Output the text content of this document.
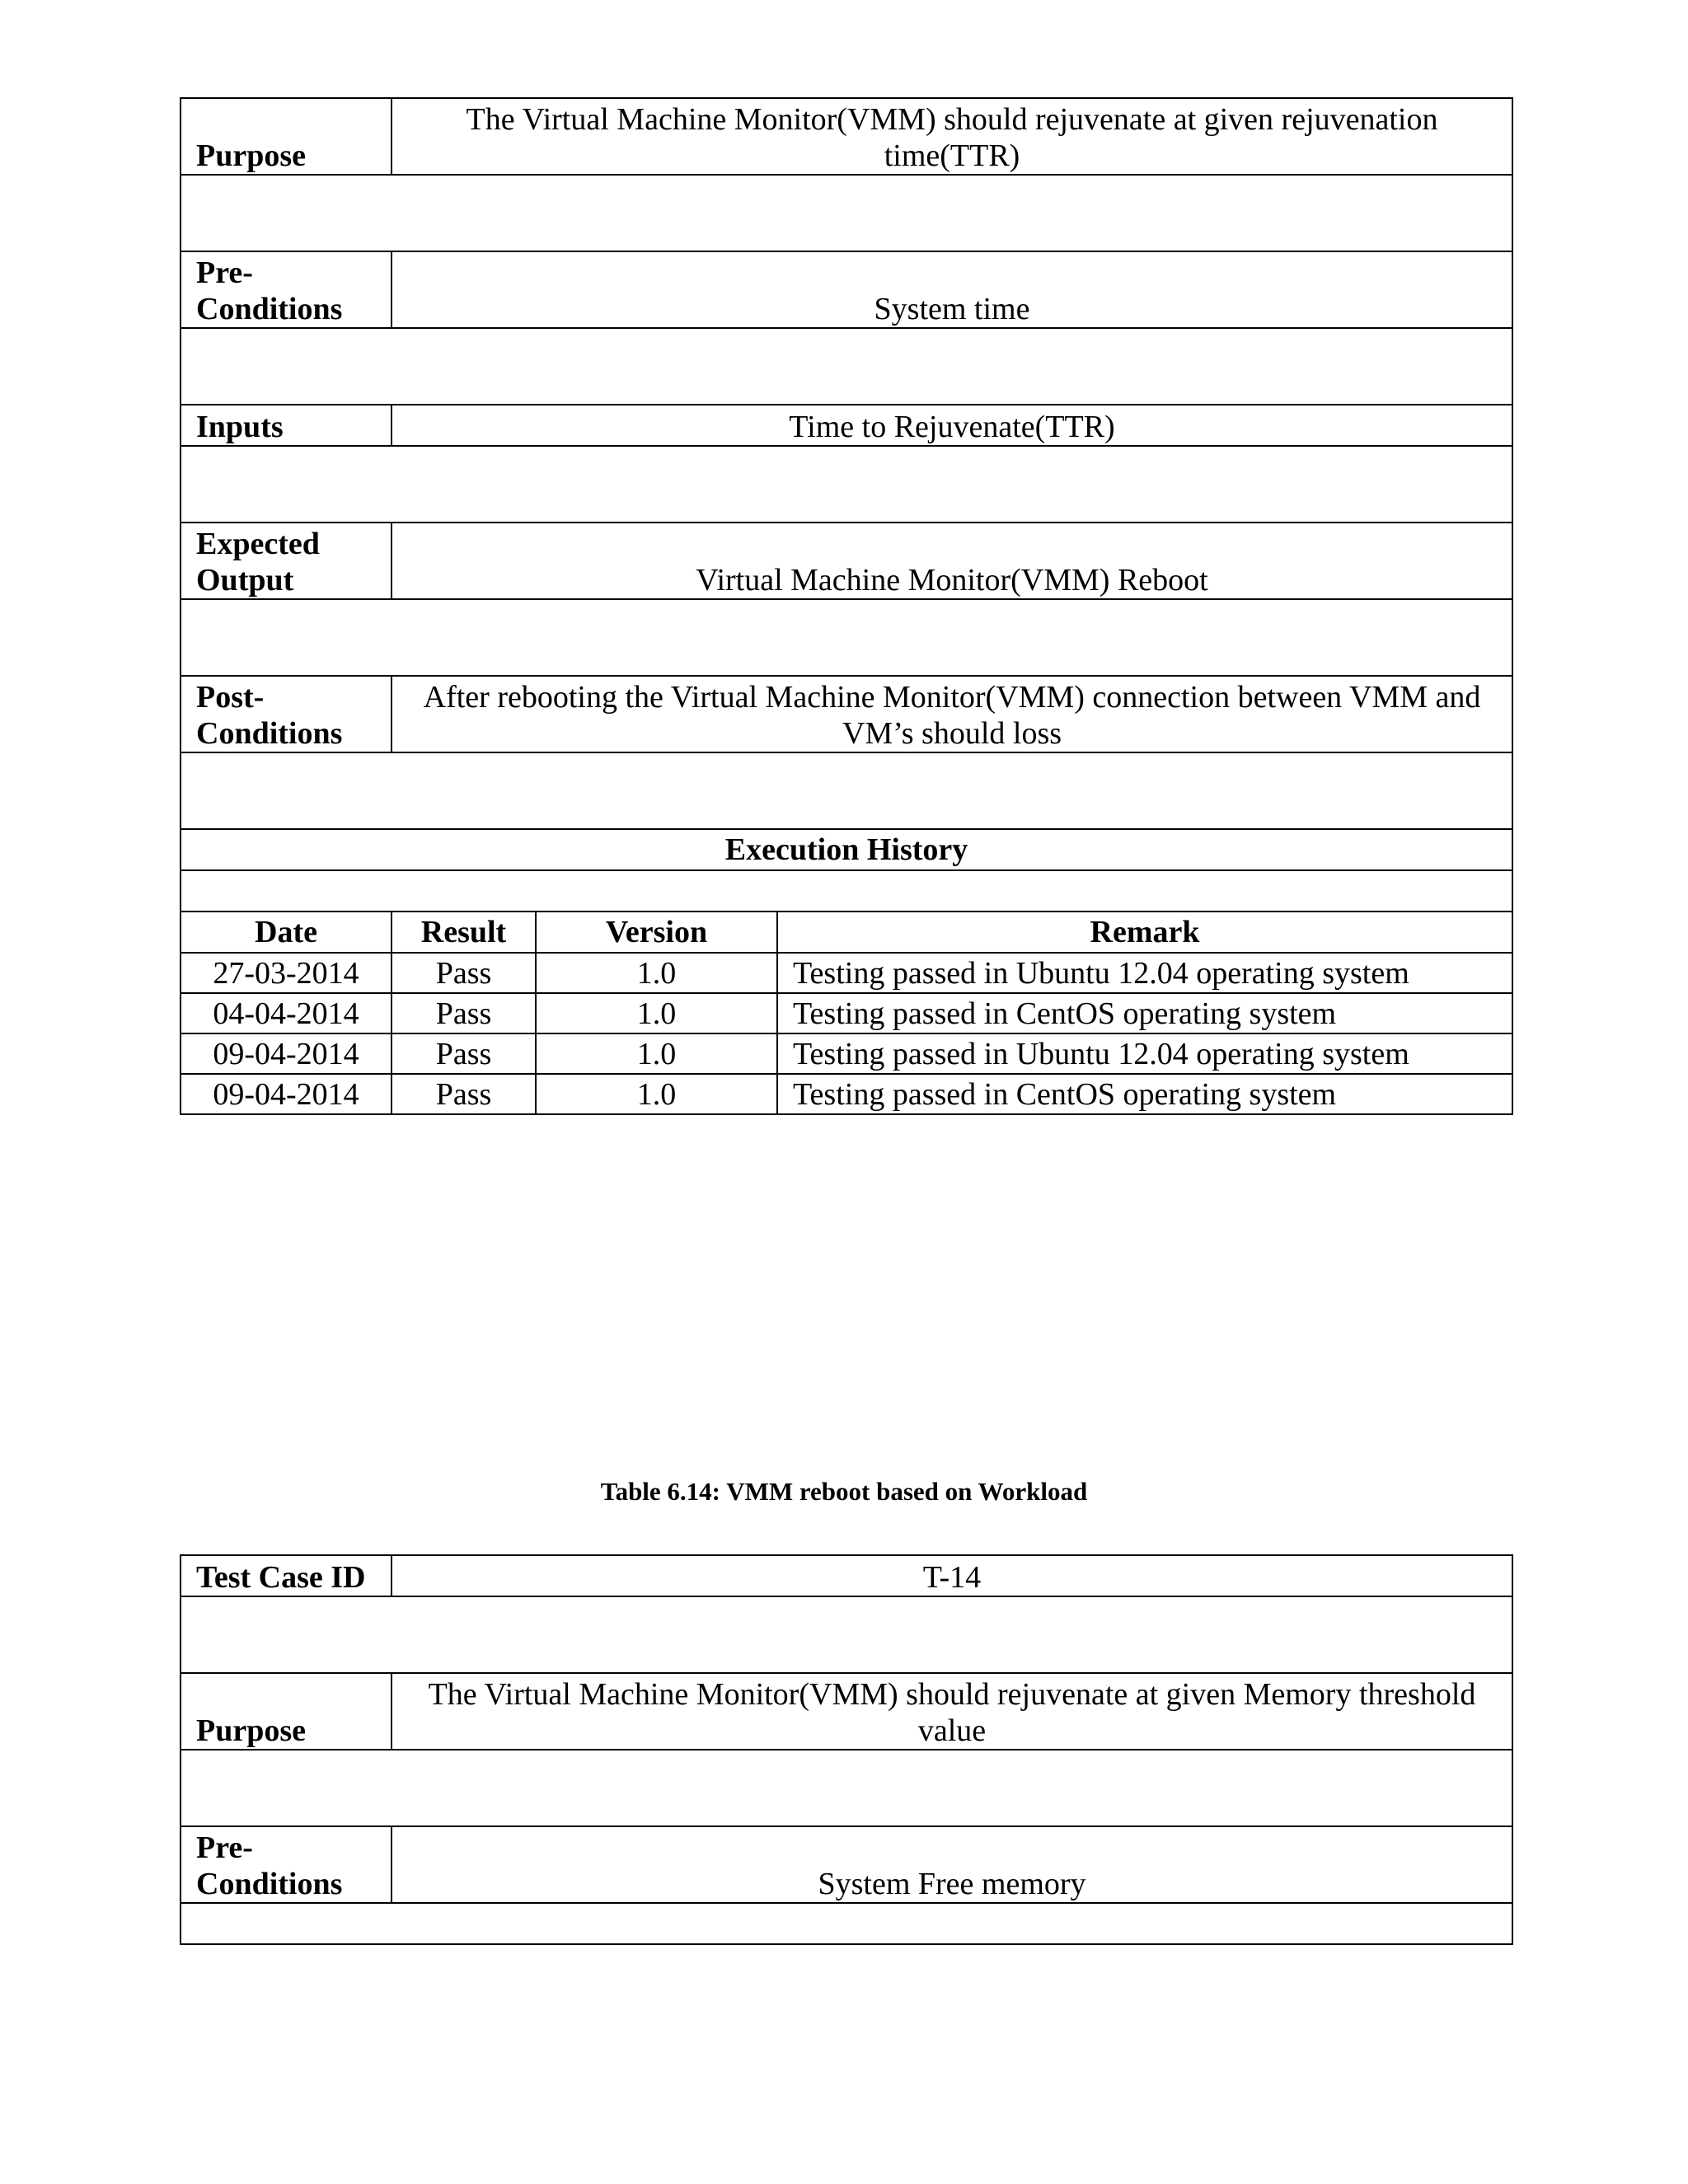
Purpose	The Virtual Machine Monitor(VMM) should rejuvenate at given rejuvenation time(TTR)		

Pre-
Conditions	System time		

Inputs	Time to Rejuvenate(TTR)		

Expected
Output	Virtual Machine Monitor(VMM) Reboot		

Post-
Conditions	After rebooting the Virtual Machine Monitor(VMM) connection between VMM and VM’s should loss		

Execution History			

Date	Result	Version	Remark
27-03-2014	Pass	1.0	Testing passed in Ubuntu 12.04 operating system
04-04-2014	Pass	1.0	Testing passed in CentOS operating system
09-04-2014	Pass	1.0	Testing passed in Ubuntu 12.04 operating system
09-04-2014	Pass	1.0	Testing passed in CentOS operating system
Table 6.14: VMM reboot based on Workload
Test Case ID	T-14

Purpose	The Virtual Machine Monitor(VMM) should rejuvenate at given Memory threshold value

Pre-
Conditions	System Free memory
